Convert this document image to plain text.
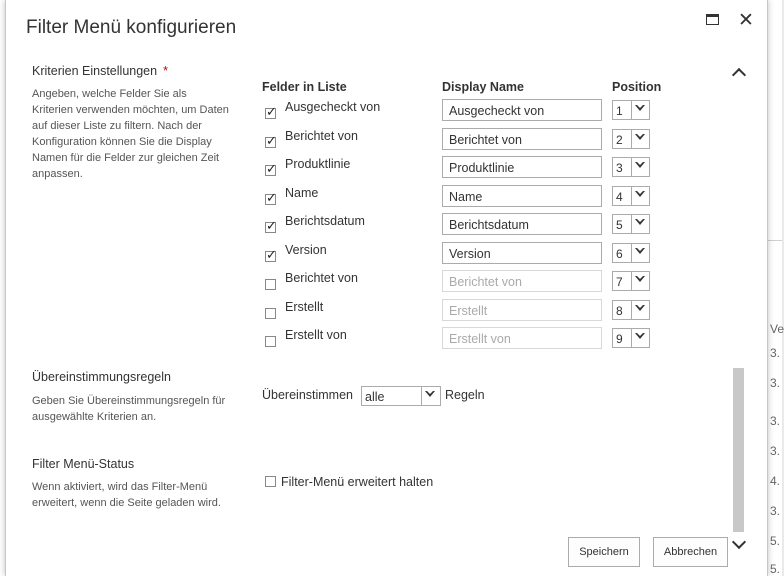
Ve
3.
3.
3.
3.
4.
3.
5.
5.
Filter Menü konfigurieren	✕
Kriterien Einstellungen *
Angeben, welche Felder Sie als Kriterien verwenden möchten, um Daten auf dieser Liste zu filtern. Nach der Konfiguration können Sie die Display Namen für die Felder zur gleichen Zeit anpassen.
Felder in Liste	Display Name	Position
✓ Ausgecheckt von	Ausgecheckt von	1
✓ Berichtet von	Berichtet von	2
✓ Produktlinie	Produktlinie	3
✓ Name	Name	4
✓ Berichtsdatum	Berichtsdatum	5
✓ Version	Version	6
Berichtet von	Berichtet von	7
Erstellt	Erstellt	8
Erstellt von	Erstellt von	9
Übereinstimmungsregeln
Geben Sie Übereinstimmungsregeln für ausgewählte Kriterien an.
Übereinstimmen alle	Regeln
Filter Menü-Status
Wenn aktiviert, wird das Filter-Menü erweitert, wenn die Seite geladen wird.
Filter-Menü erweitert halten
Speichern	Abbrechen
